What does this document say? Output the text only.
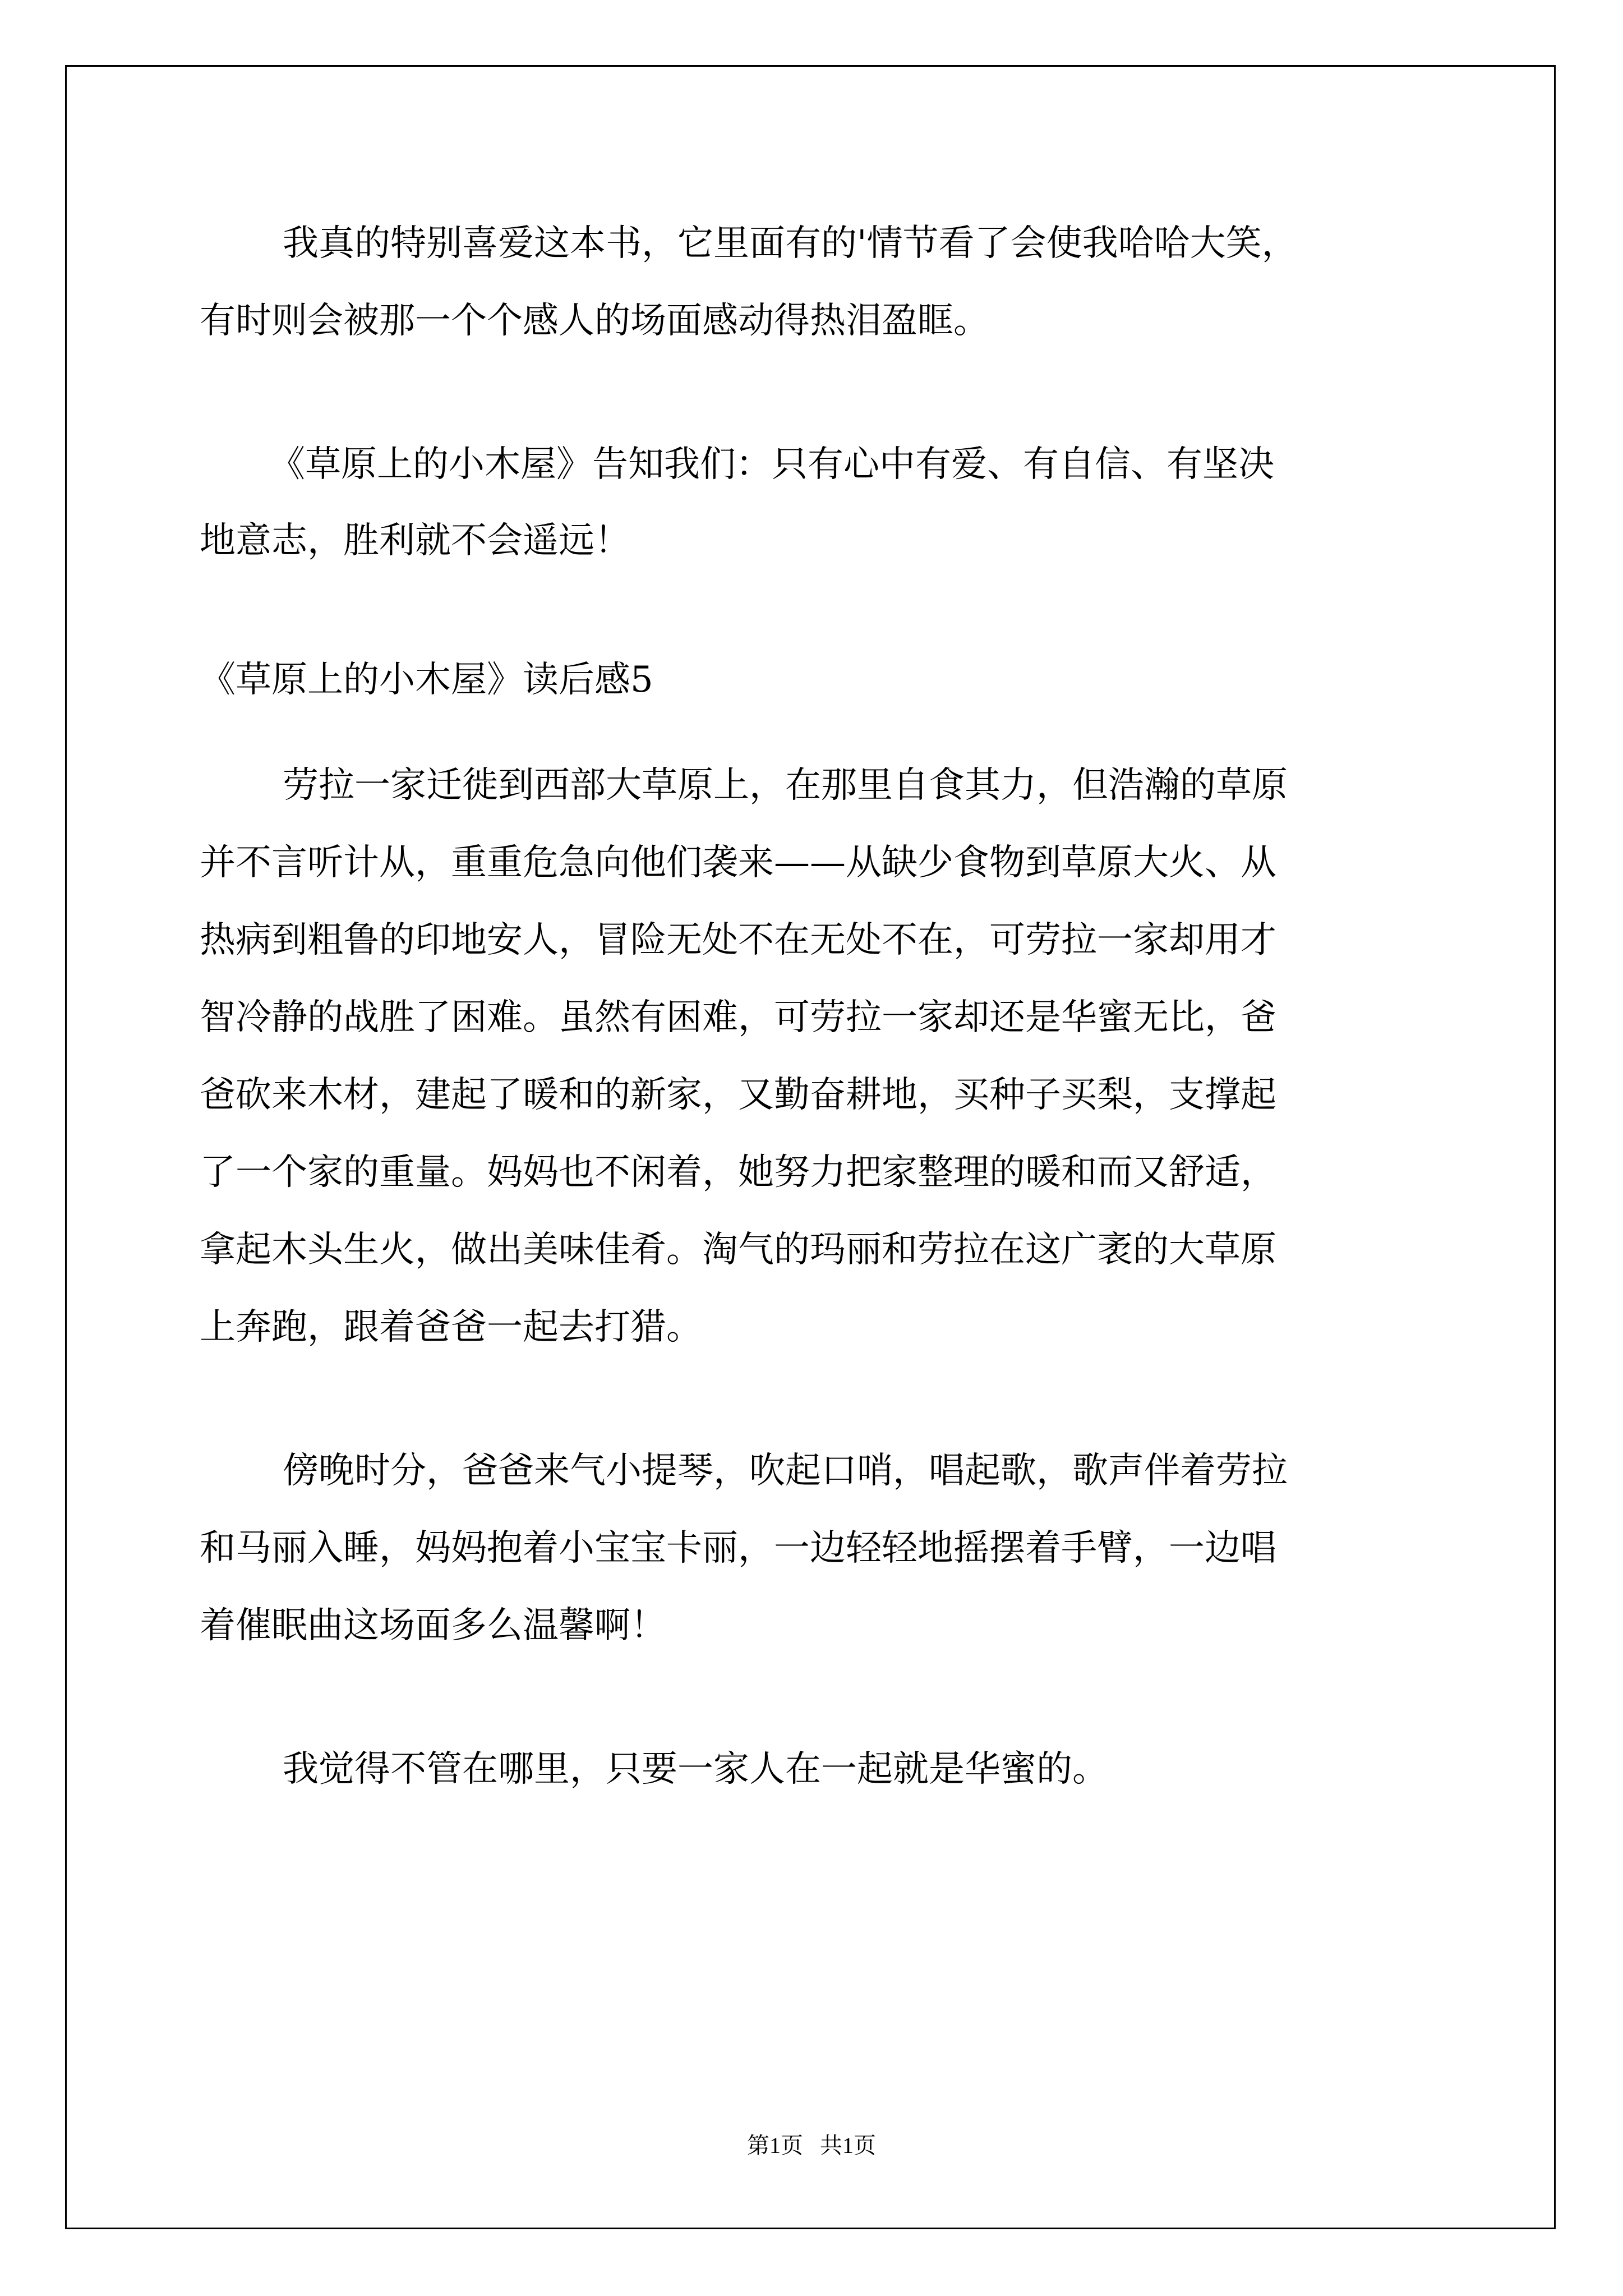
我真的特别喜爱这本书，它里面有的'情节看了会使我哈哈大笑，
有时则会被那一个个感人的场面感动得热泪盈眶。
《草原上的小木屋》告知我们：只有心中有爱、有自信、有坚决
地意志，胜利就不会遥远！
《草原上的小木屋》读后感5
劳拉一家迁徙到西部大草原上，在那里自食其力，但浩瀚的草原
并不言听计从，重重危急向他们袭来——从缺少食物到草原大火、从
热病到粗鲁的印地安人，冒险无处不在无处不在，可劳拉一家却用才
智冷静的战胜了困难。虽然有困难，可劳拉一家却还是华蜜无比，爸
爸砍来木材，建起了暖和的新家，又勤奋耕地，买种子买梨，支撑起
了一个家的重量。妈妈也不闲着，她努力把家整理的暖和而又舒适，
拿起木头生火，做出美味佳肴。淘气的玛丽和劳拉在这广袤的大草原
上奔跑，跟着爸爸一起去打猎。
傍晚时分，爸爸来气小提琴，吹起口哨，唱起歌，歌声伴着劳拉
和马丽入睡，妈妈抱着小宝宝卡丽，一边轻轻地摇摆着手臂，一边唱
着催眠曲这场面多么温馨啊！
我觉得不管在哪里，只要一家人在一起就是华蜜的。
第1页   共1页
